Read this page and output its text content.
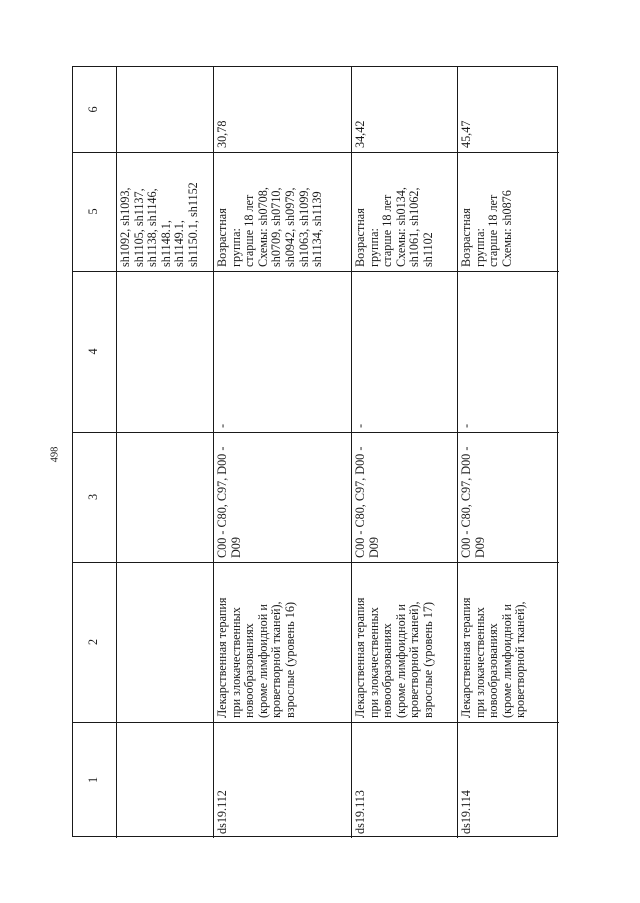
498
1
2
3
4
5
6
sh1092, sh1093,
sh1105, sh1137,
sh1138, sh1146,
sh1148.1,
sh1149.1,
sh1150.1, sh1152
ds19.112
Лекарственная терапия
при злокачественных
новообразованиях
(кроме лимфоидной и
кроветворной тканей),
взрослые (уровень 16)
C00 - C80, C97, D00 -
D09
-
Возрастная
группа:
старше 18 лет
Схемы: sh0708,
sh0709, sh0710,
sh0942, sh0979,
sh1063, sh1099,
sh1134, sh1139
30,78
ds19.113
Лекарственная терапия
при злокачественных
новообразованиях
(кроме лимфоидной и
кроветворной тканей),
взрослые (уровень 17)
C00 - C80, C97, D00 -
D09
-
Возрастная
группа:
старше 18 лет
Схемы: sh0134,
sh1061, sh1062,
sh1102
34,42
ds19.114
Лекарственная терапия
при злокачественных
новообразованиях
(кроме лимфоидной и
кроветворной тканей),
C00 - C80, C97, D00 -
D09
-
Возрастная
группа:
старше 18 лет
Схемы: sh0876
45,47
